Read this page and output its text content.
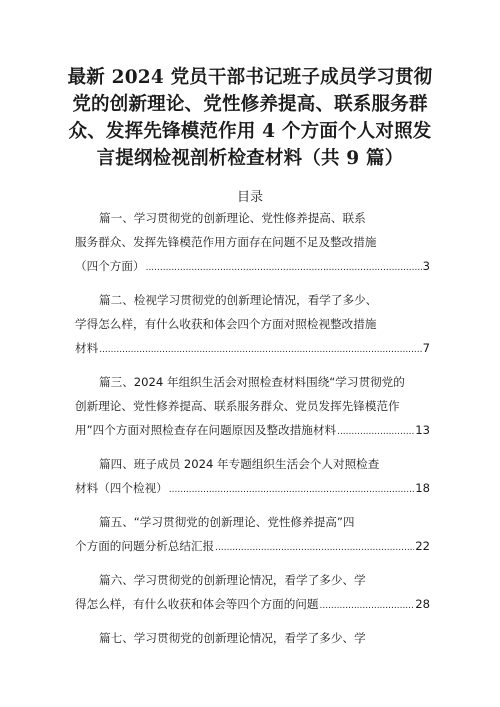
最新 2024 党员干部书记班子成员学习贯彻
党的创新理论、党性修养提高、联系服务群
众、发挥先锋模范作用 4 个方面个人对照发
言提纲检视剖析检查材料（共 9 篇）
目录
篇一、学习贯彻党的创新理论、党性修养提高、联系
服务群众、发挥先锋模范作用方面存在问题不足及整改措施
（四个方面） .....	3
篇二、检视学习贯彻党的创新理论情况，看学了多少、
学得怎么样，有什么收获和体会四个方面对照检视整改措施
材料 .....	7
篇三、2024 年组织生活会对照检查材料围绕“学习贯彻党的
创新理论、党性修养提高、联系服务群众、党员发挥先锋模范作
用”四个方面对照检查存在问题原因及整改措施材料 .....	13
篇四、班子成员 2024 年专题组织生活会个人对照检查
材料（四个检视） .....	18
篇五、“学习贯彻党的创新理论、党性修养提高”四
个方面的问题分析总结汇报 .....	22
篇六、学习贯彻党的创新理论情况，看学了多少、学
得怎么样，有什么收获和体会等四个方面的问题 .....	28
篇七、学习贯彻党的创新理论情况，看学了多少、学
